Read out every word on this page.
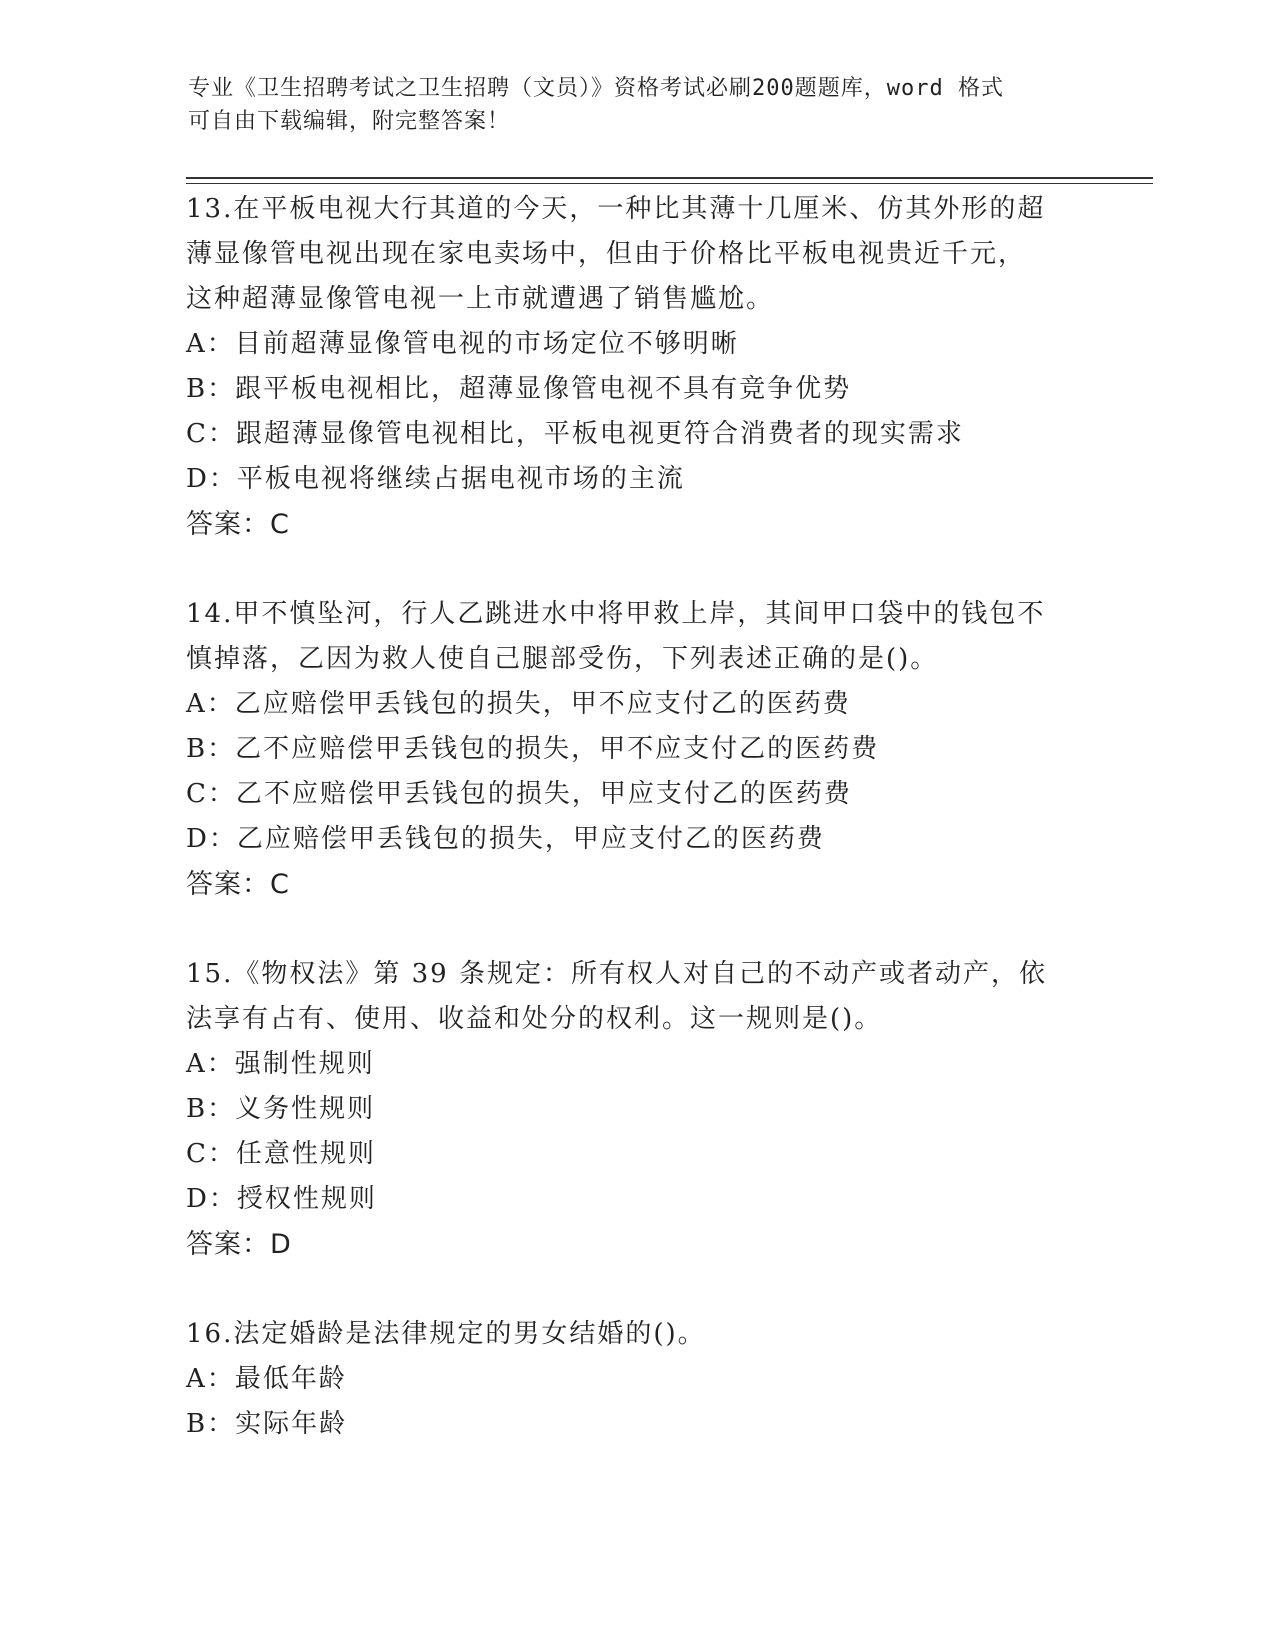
专业《卫生招聘考试之卫生招聘（文员）》资格考试必刷200题题库，word 格式
可自由下载编辑，附完整答案！
13.在平板电视大行其道的今天，一种比其薄十几厘米、仿其外形的超
薄显像管电视出现在家电卖场中，但由于价格比平板电视贵近千元，
这种超薄显像管电视一上市就遭遇了销售尴尬。
A：目前超薄显像管电视的市场定位不够明晰
B：跟平板电视相比，超薄显像管电视不具有竞争优势
C：跟超薄显像管电视相比，平板电视更符合消费者的现实需求
D：平板电视将继续占据电视市场的主流
答案：C
14.甲不慎坠河，行人乙跳进水中将甲救上岸，其间甲口袋中的钱包不
慎掉落，乙因为救人使自己腿部受伤，下列表述正确的是()。
A：乙应赔偿甲丢钱包的损失，甲不应支付乙的医药费
B：乙不应赔偿甲丢钱包的损失，甲不应支付乙的医药费
C：乙不应赔偿甲丢钱包的损失，甲应支付乙的医药费
D：乙应赔偿甲丢钱包的损失，甲应支付乙的医药费
答案：C
15.《物权法》第 39 条规定：所有权人对自己的不动产或者动产，依
法享有占有、使用、收益和处分的权利。这一规则是()。
A：强制性规则
B：义务性规则
C：任意性规则
D：授权性规则
答案：D
16.法定婚龄是法律规定的男女结婚的()。
A：最低年龄
B：实际年龄
